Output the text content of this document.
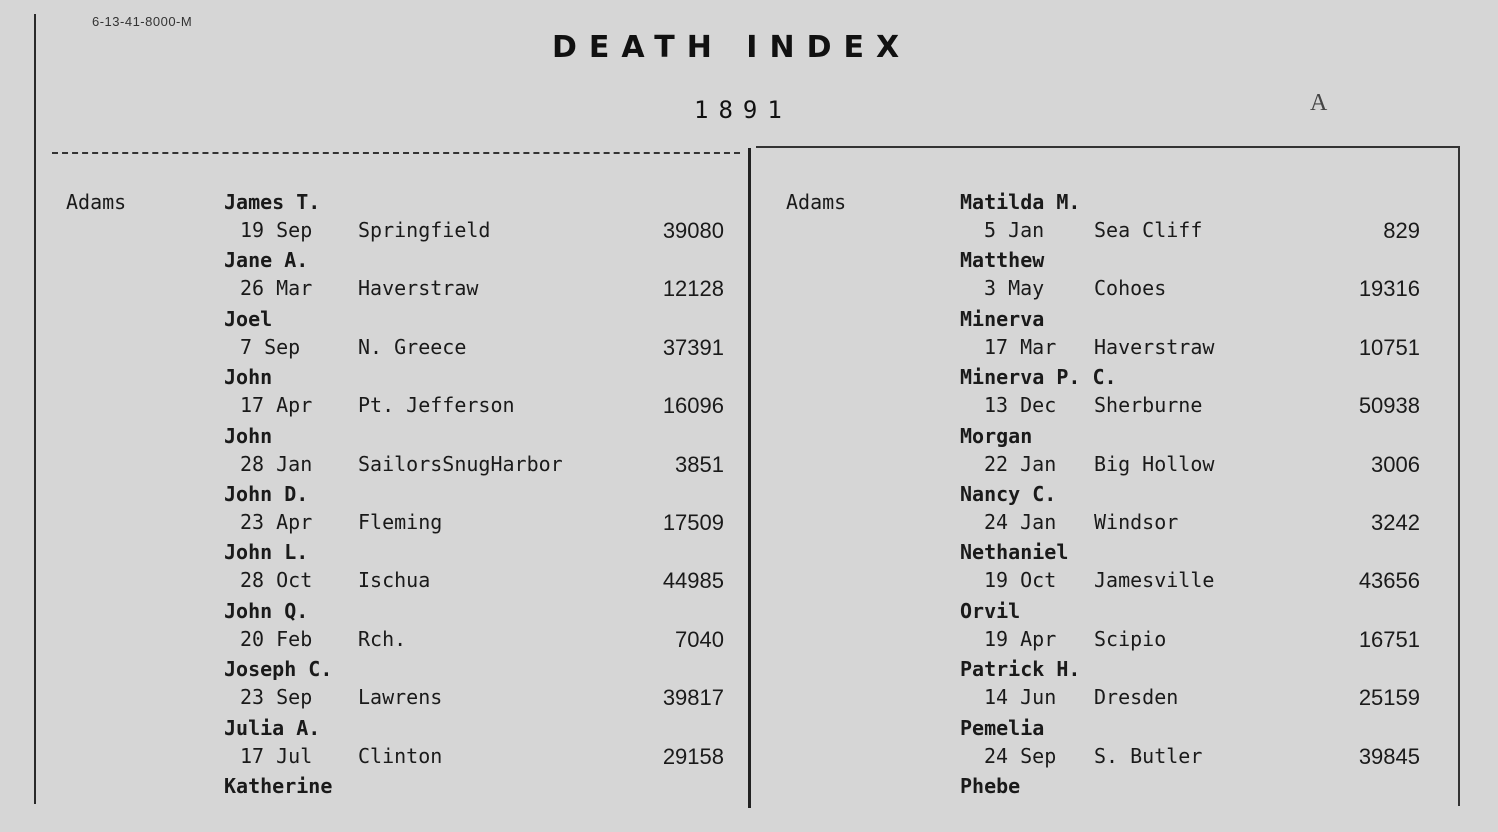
6-13-41-8000-M
DEATH INDEX
1891	A
Adams	James T.
19 Sep	Springfield	39080
Jane A.
26 Mar	Haverstraw	12128
Joel
7 Sep	N. Greece	37391
John
17 Apr	Pt. Jefferson	16096
John
28 Jan	SailorsSnugHarbor	3851
John D.
23 Apr	Fleming	17509
John L.
28 Oct	Ischua	44985
John Q.
20 Feb	Rch.	7040
Joseph C.
23 Sep	Lawrens	39817
Julia A.
17 Jul	Clinton	29158
Katherine
Adams	Matilda M.
5 Jan	Sea Cliff	829
Matthew
3 May	Cohoes	19316
Minerva
17 Mar	Haverstraw	10751
Minerva P. C.
13 Dec	Sherburne	50938
Morgan
22 Jan	Big Hollow	3006
Nancy C.
24 Jan	Windsor	3242
Nethaniel
19 Oct	Jamesville	43656
Orvil
19 Apr	Scipio	16751
Patrick H.
14 Jun	Dresden	25159
Pemelia
24 Sep	S. Butler	39845
Phebe
